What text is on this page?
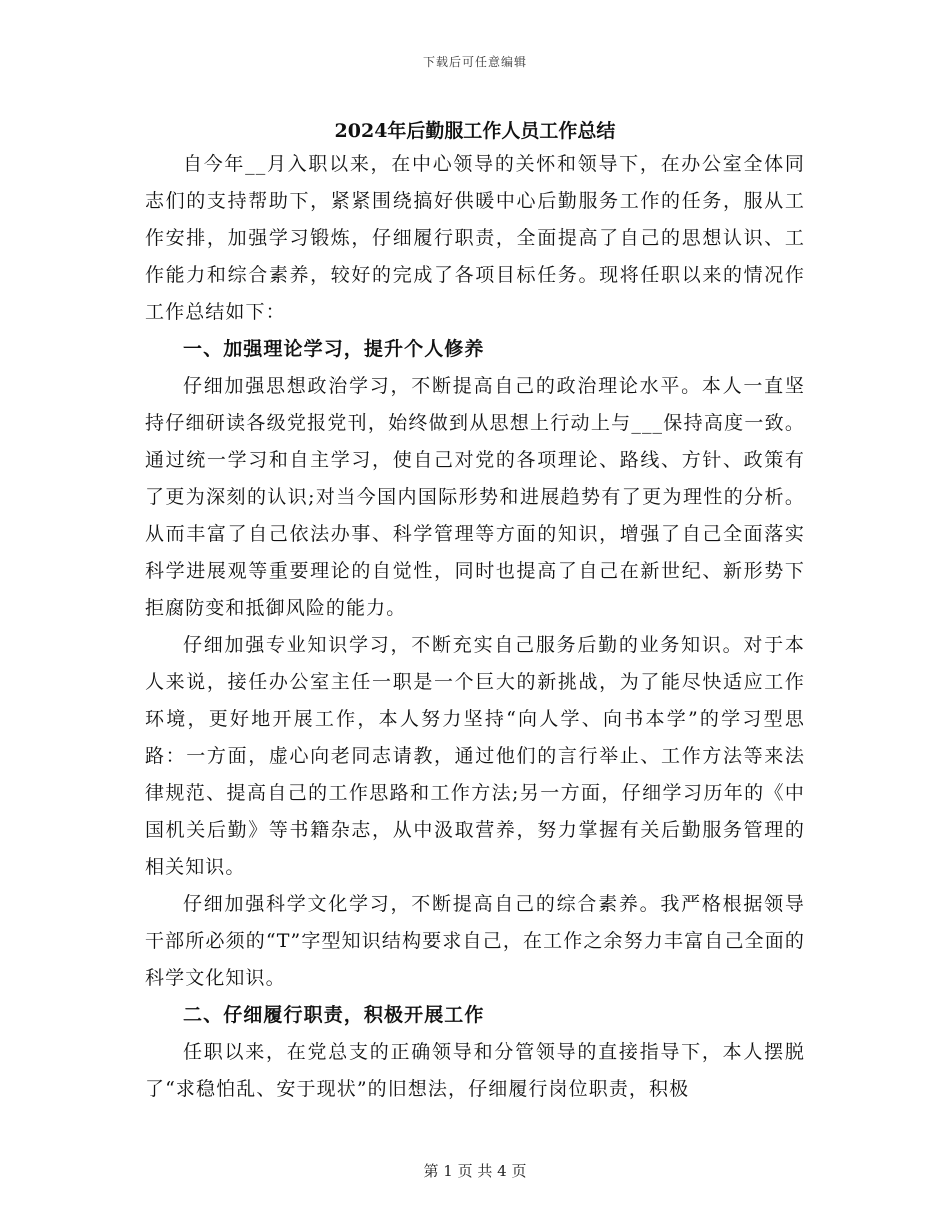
下载后可任意编辑
2024年后勤服工作人员工作总结

自今年__月入职以来，在中心领导的关怀和领导下，在办公室全体同志们的支持帮助下，紧紧围绕搞好供暖中心后勤服务工作的任务，服从工作安排，加强学习锻炼，仔细履行职责，全面提高了自己的思想认识、工作能力和综合素养，较好的完成了各项目标任务。现将任职以来的情况作工作总结如下：

一、加强理论学习，提升个人修养

仔细加强思想政治学习，不断提高自己的政治理论水平。本人一直坚持仔细研读各级党报党刊，始终做到从思想上行动上与___保持高度一致。通过统一学习和自主学习，使自己对党的各项理论、路线、方针、政策有了更为深刻的认识;对当今国内国际形势和进展趋势有了更为理性的分析。从而丰富了自己依法办事、科学管理等方面的知识，增强了自己全面落实科学进展观等重要理论的自觉性，同时也提高了自己在新世纪、新形势下拒腐防变和抵御风险的能力。

仔细加强专业知识学习，不断充实自己服务后勤的业务知识。对于本人来说，接任办公室主任一职是一个巨大的新挑战，为了能尽快适应工作环境，更好地开展工作，本人努力坚持“向人学、向书本学”的学习型思路：一方面，虚心向老同志请教，通过他们的言行举止、工作方法等来法律规范、提高自己的工作思路和工作方法;另一方面，仔细学习历年的《中国机关后勤》等书籍杂志，从中汲取营养，努力掌握有关后勤服务管理的相关知识。

仔细加强科学文化学习，不断提高自己的综合素养。我严格根据领导干部所必须的“T”字型知识结构要求自己，在工作之余努力丰富自己全面的科学文化知识。

二、仔细履行职责，积极开展工作

任职以来，在党总支的正确领导和分管领导的直接指导下，本人摆脱了“求稳怕乱、安于现状”的旧想法，仔细履行岗位职责，积极

第 1 页 共 4 页
